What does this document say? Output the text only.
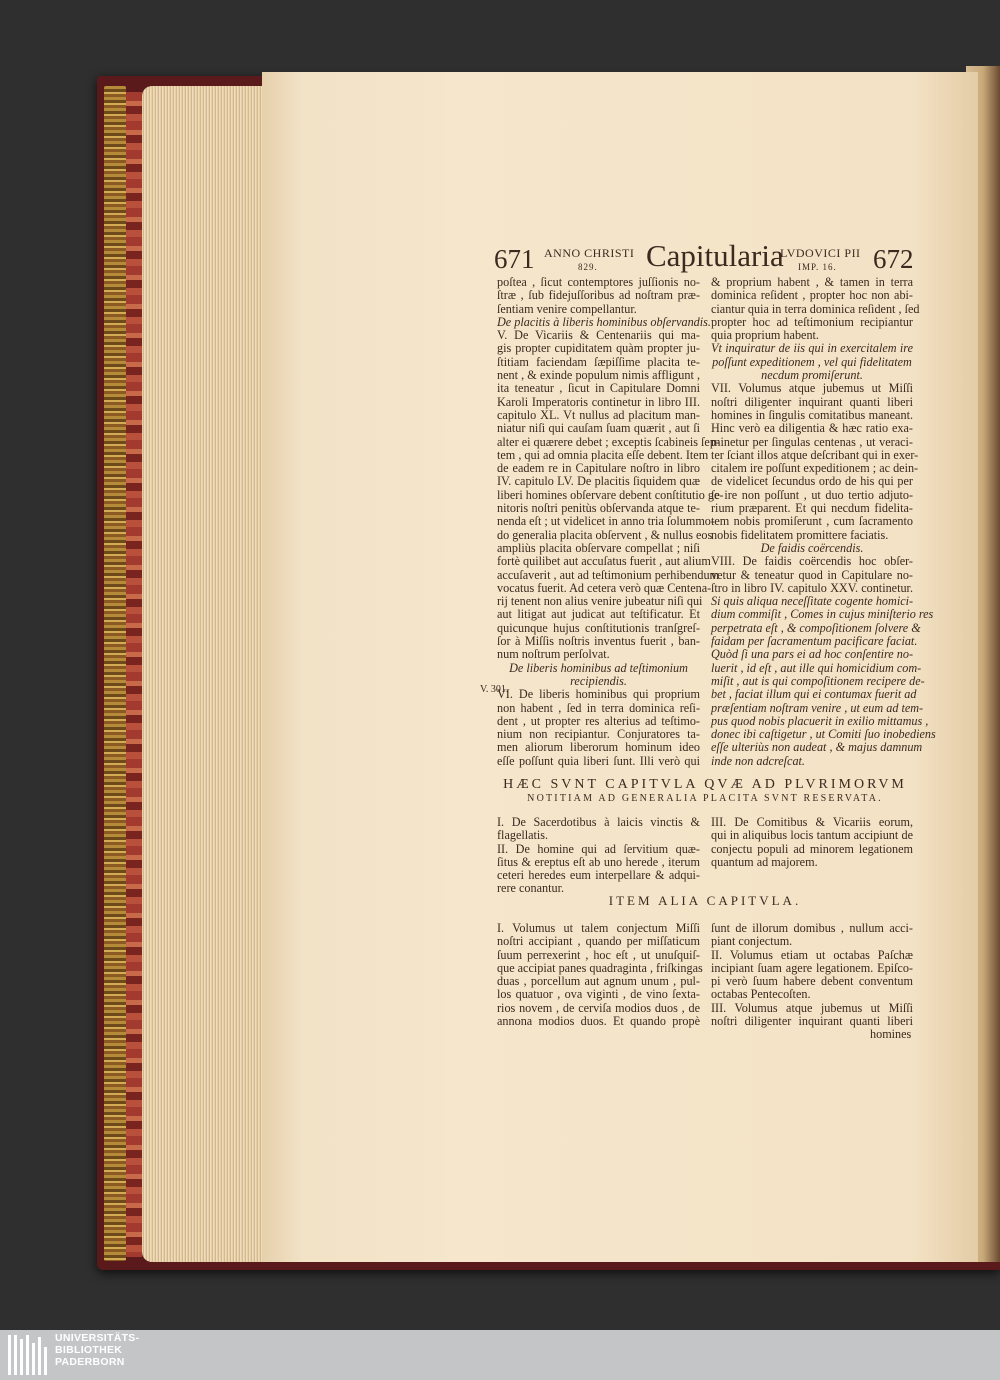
671 ANNO CHRISTI
829. Capitularia
LVDOVICI PII
IMP. 16. 672

poſtea , ſicut contemptores juſſionis no-

ſtræ , ſub fidejuſſoribus ad noſtram præ-

ſentiam venire compellantur.

De placitis à liberis hominibus obſervandis.

V. De Vicariis & Centenariis qui ma-

gis propter cupiditatem quàm propter ju-

ſtitiam faciendam ſæpiſſime placita te-

nent , & exinde populum nimis affligunt ,

ita teneatur , ſicut in Capitulare Domni

Karoli Imperatoris continetur in libro III.

capitulo XL. Vt nullus ad placitum man-

niatur niſi qui cauſam ſuam quærit , aut ſi

alter ei quærere debet ; exceptis ſcabineis ſep-

tem , qui ad omnia placita eſſe debent. Item

de eadem re in Capitulare noſtro in libro

IV. capitulo LV. De placitis ſiquidem quæ

liberi homines obſervare debent conſtitutio ge-

nitoris noſtri penitùs obſervanda atque te-

nenda eſt ; ut videlicet in anno tria ſolummo-

do generalia placita obſervent , & nullus eos

ampliùs placita obſervare compellat ; niſi

fortè quilibet aut accuſatus fuerit , aut alium

accuſaverit , aut ad teſtimonium perhibendum

vocatus fuerit. Ad cetera verò quæ Centena-

rij tenent non alius venire jubeatur niſi qui

aut litigat aut judicat aut teſtificatur. Et

quicunque hujus conſtitutionis tranſgreſ-

ſor à Miſſis noſtris inventus fuerit , ban-

num noſtrum perſolvat.

De liberis hominibus ad teſtimonium

recipiendis.

VI. De liberis hominibus qui proprium

non habent , ſed in terra dominica reſi-

dent , ut propter res alterius ad teſtimo-

nium non recipiantur. Conjuratores ta-

men aliorum liberorum hominum ideo

eſſe poſſunt quia liberi ſunt. Illi verò qui

& proprium habent , & tamen in terra

dominica reſident , propter hoc non abi-

ciantur quia in terra dominica reſident , ſed

propter hoc ad teſtimonium recipiantur

quia proprium habent.

Vt inquiratur de iis qui in exercitalem ire

poſſunt expeditionem , vel qui fidelitatem

necdum promiſerunt.

VII. Volumus atque jubemus ut Miſſi

noſtri diligenter inquirant quanti liberi

homines in ſingulis comitatibus maneant.

Hinc verò ea diligentia & hæc ratio exa-

minetur per ſingulas centenas , ut veraci-

ter ſciant illos atque deſcribant qui in exer-

citalem ire poſſunt expeditionem ; ac dein-

de videlicet ſecundus ordo de his qui per

ſe ire non poſſunt , ut duo tertio adjuto-

rium præparent. Et qui necdum fidelita-

tem nobis promiſerunt , cum ſacramento

nobis fidelitatem promittere faciatis.

De faidis coërcendis.

VIII. De faidis coërcendis hoc obſer-

vetur & teneatur quod in Capitulare no-

ſtro in libro IV. capitulo XXV. continetur.

Si quis aliqua neceſſitate cogente homici-

dium commiſit , Comes in cujus miniſterio res

perpetrata eſt , & compoſitionem ſolvere &

faidam per ſacramentum pacificare faciat.

Quòd ſi una pars ei ad hoc conſentire no-

luerit , id eſt , aut ille qui homicidium com-

miſit , aut is qui compoſitionem recipere de-

bet , faciat illum qui ei contumax fuerit ad

præſentiam noſtram venire , ut eum ad tem-

pus quod nobis placuerit in exilio mittamus ,

donec ibi caſtigetur , ut Comiti ſuo inobediens

eſſe ulteriùs non audeat , & majus damnum

inde non adcreſcat.

V. 301.
HÆC SVNT CAPITVLA QVÆ AD PLVRIMORVM
NOTITIAM AD GENERALIA PLACITA SVNT RESERVATA.

I. De Sacerdotibus à laicis vinctis &

flagellatis.

II. De homine qui ad ſervitium quæ-

ſitus & ereptus eſt ab uno herede , iterum

ceteri heredes eum interpellare & adqui-

rere conantur.

III. De Comitibus & Vicariis eorum,

qui in aliquibus locis tantum accipiunt de

conjectu populi ad minorem legationem

quantum ad majorem.

ITEM ALIA CAPITVLA.

I. Volumus ut talem conjectum Miſſi

noſtri accipiant , quando per miſſaticum

ſuum perrexerint , hoc eſt , ut unuſquiſ-

que accipiat panes quadraginta , friſkingas

duas , porcellum aut agnum unum , pul-

los quatuor , ova viginti , de vino ſexta-

rios novem , de cerviſa modios duos , de

annona modios duos. Et quando propè

ſunt de illorum domibus , nullum acci-

piant conjectum.

II. Volumus etiam ut octabas Paſchæ

incipiant ſuam agere legationem. Epiſco-

pi verò ſuum habere debent conventum

octabas Pentecoſten.

III. Volumus atque jubemus ut Miſſi

noſtri diligenter inquirant quanti liberi

homines
UNIVERSITÄTS-
BIBLIOTHEK
PADERBORN
